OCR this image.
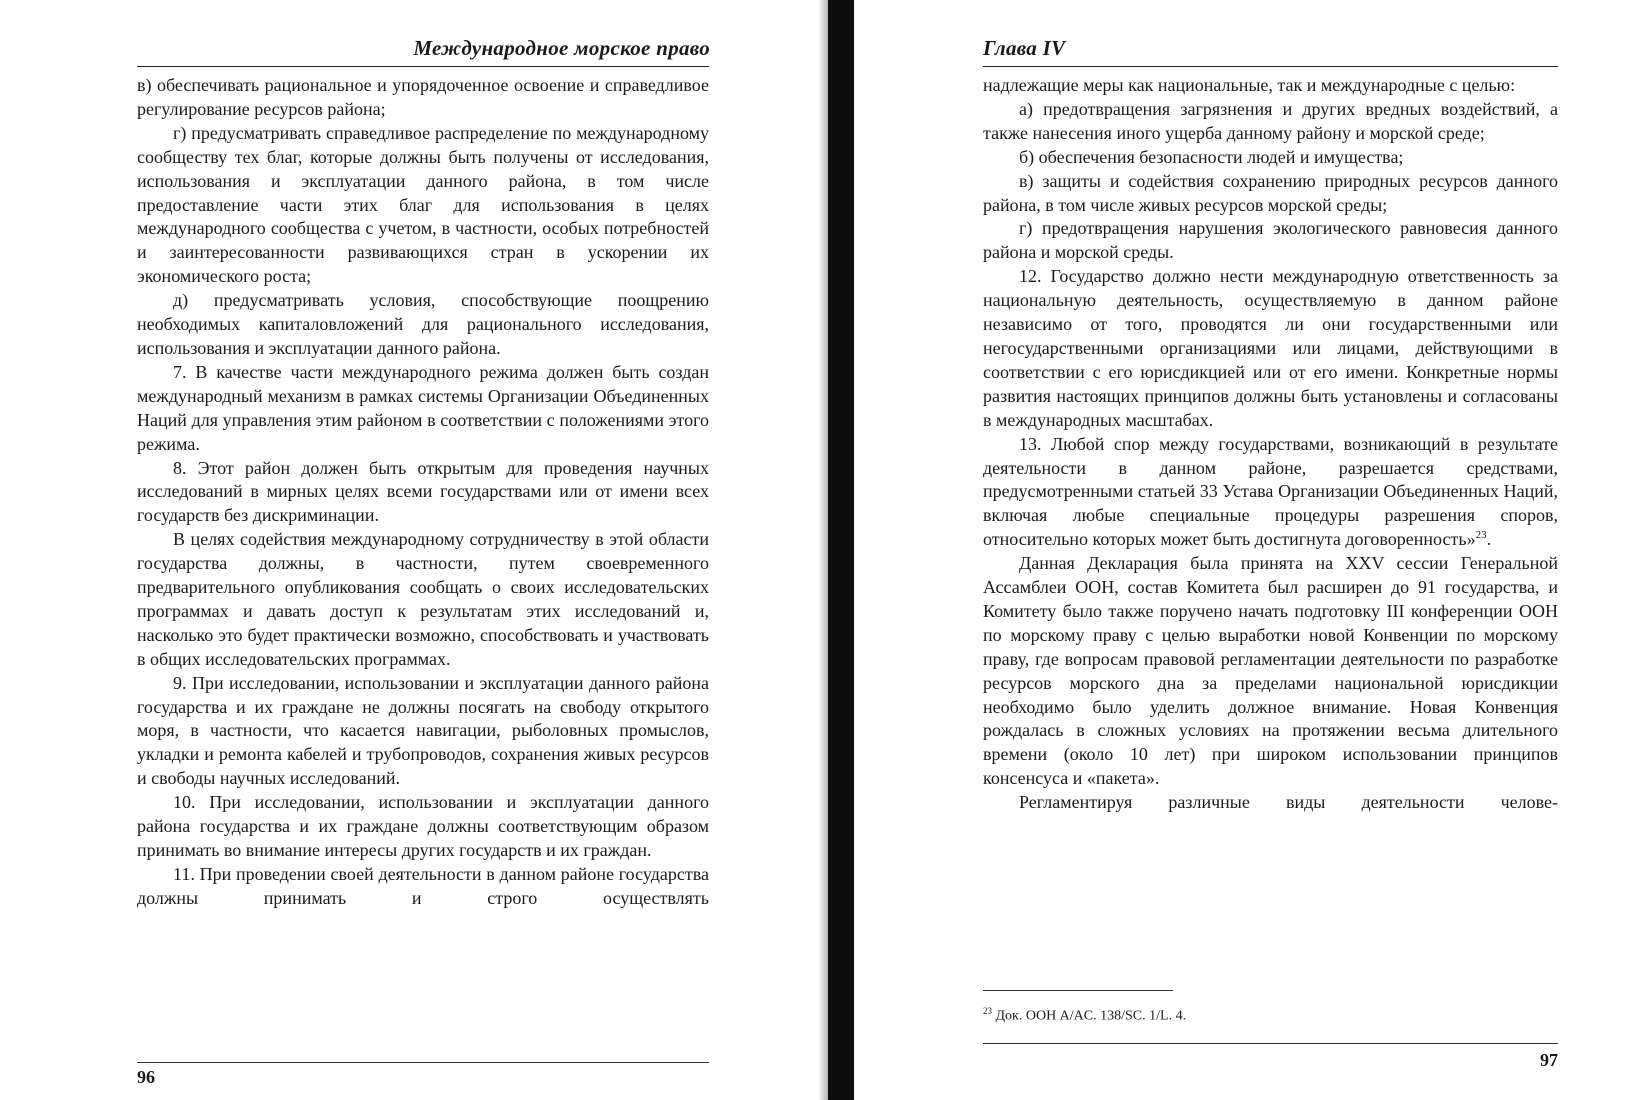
Международное морское право

в) обеспечивать рациональное и упорядоченное освоение и справедливое регулирование ресурсов района;

г) предусматривать справедливое распределение по международному сообществу тех благ, которые должны быть получены от исследования, использования и эксплуатации данного района, в том числе предоставление части этих благ для использования в целях международного сообщества с учетом, в частности, особых потребностей и заинтересованности развивающихся стран в ускорении их экономического роста;

д) предусматривать условия, способствующие поощрению необходимых капиталовложений для рационального исследования, использования и эксплуатации данного района.

7. В качестве части международного режима должен быть создан международный механизм в рамках системы Организации Объединенных Наций для управления этим районом в соответствии с положениями этого режима.

8. Этот район должен быть открытым для проведения научных исследований в мирных целях всеми государствами или от имени всех государств без дискриминации.

В целях содействия международному сотрудничеству в этой области государства должны, в частности, путем своевременного предварительного опубликования сообщать о своих исследовательских программах и давать доступ к результатам этих исследований и, насколько это будет практически возможно, способствовать и участвовать в общих исследовательских программах.

9. При исследовании, использовании и эксплуатации данного района государства и их граждане не должны посягать на свободу открытого моря, в частности, что касается навигации, рыболовных промыслов, укладки и ремонта кабелей и трубопроводов, сохранения живых ресурсов и свободы научных исследований.

10. При исследовании, использовании и эксплуатации данного района государства и их граждане должны соответствующим образом принимать во внимание интересы других государств и их граждан.

11. При проведении своей деятельности в данном районе государства должны принимать и строго осуществлять

96
Глава IV

надлежащие меры как национальные, так и международные с целью:

а) предотвращения загрязнения и других вредных воздействий, а также нанесения иного ущерба данному району и морской среде;

б) обеспечения безопасности людей и имущества;

в) защиты и содействия сохранению природных ресурсов данного района, в том числе живых ресурсов морской среды;

г) предотвращения нарушения экологического равновесия данного района и морской среды.

12. Государство должно нести международную ответственность за национальную деятельность, осуществляемую в данном районе независимо от того, проводятся ли они государственными или негосударственными организациями или лицами, действующими в соответствии с его юрисдикцией или от его имени. Конкретные нормы развития настоящих принципов должны быть установлены и согласованы в международных масштабах.

13. Любой спор между государствами, возникающий в результате деятельности в данном районе, разрешается средствами, предусмотренными статьей 33 Устава Организации Объединенных Наций, включая любые специальные процедуры разрешения споров, относительно которых может быть достигнута договоренность»$^{23}$.

Данная Декларация была принята на XXV сессии Генеральной Ассамблеи ООН, состав Комитета был расширен до 91 государства, и Комитету было также поручено начать подготовку III конференции ООН по морскому праву с целью выработки новой Конвенции по морскому праву, где вопросам правовой регламентации деятельности по разработке ресурсов морского дна за пределами национальной юрисдикции необходимо было уделить должное внимание. Новая Конвенция рождалась в сложных условиях на протяжении весьма длительного времени (около 10 лет) при широком использовании принципов консенсуса и «пакета».

Регламентируя различные виды деятельности челове-

$^{23}$ Док. ООН A/AC. 138/SC. 1/L. 4.
97
